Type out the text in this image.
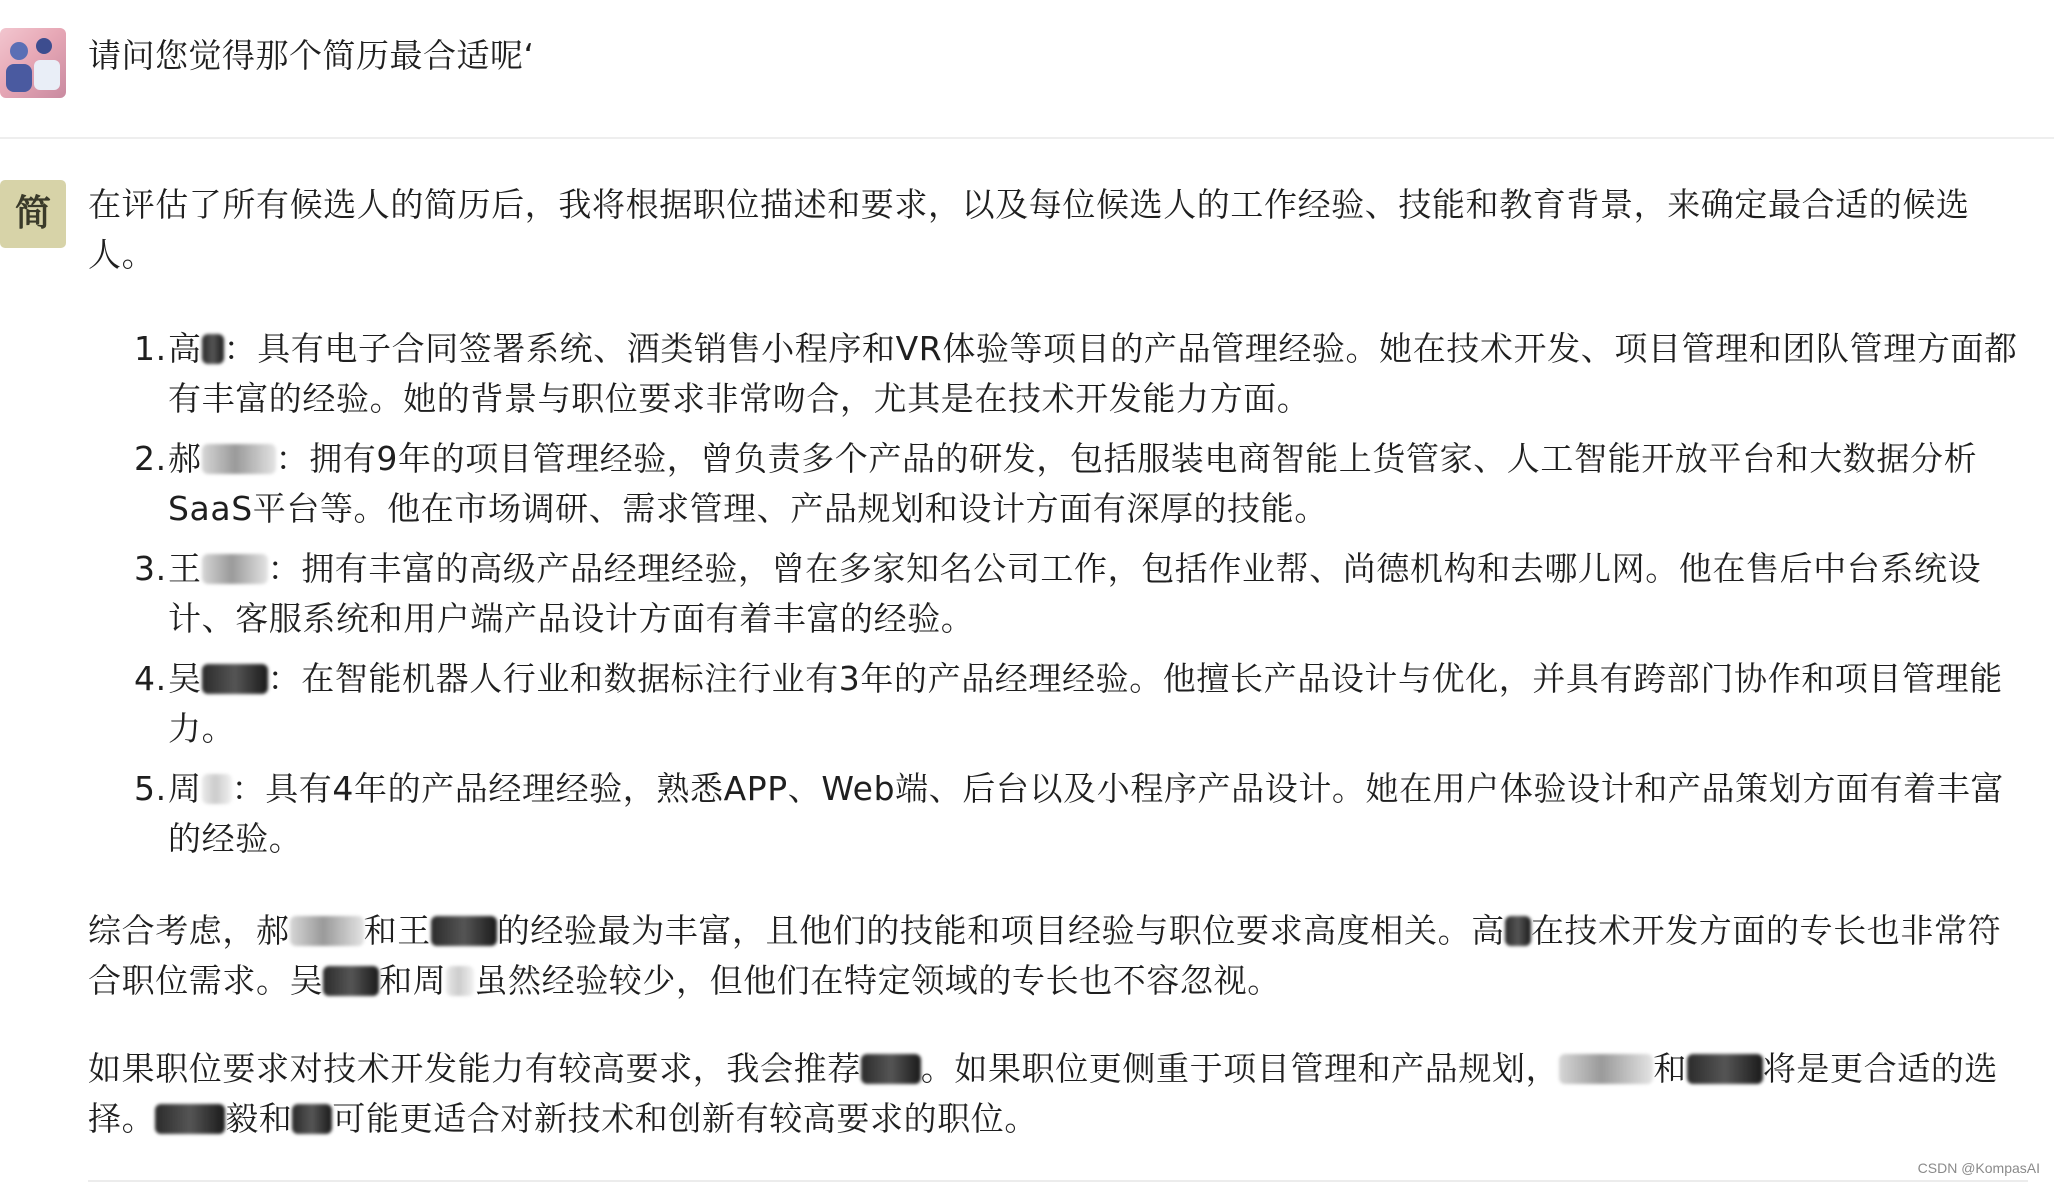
请问您觉得那个简历最合适呢‘
简	在评估了所有候选人的简历后，我将根据职位描述和要求，以及每位候选人的工作经验、技能和教育背景，来确定最合适的候选人。

1. 高 ：具有电子合同签署系统、酒类销售小程序和VR体验等项目的产品管理经验。她在技术开发、项目管理和团队管理方面都有丰富的经验。她的背景与职位要求非常吻合，尤其是在技术开发能力方面。
2. 郝 ：拥有9年的项目管理经验，曾负责多个产品的研发，包括服装电商智能上货管家、人工智能开放平台和大数据分析SaaS平台等。他在市场调研、需求管理、产品规划和设计方面有深厚的技能。
3. 王 ：拥有丰富的高级产品经理经验，曾在多家知名公司工作，包括作业帮、尚德机构和去哪儿网。他在售后中台系统设计、客服系统和用户端产品设计方面有着丰富的经验。
4. 吴 ：在智能机器人行业和数据标注行业有3年的产品经理经验。他擅长产品设计与优化，并具有跨部门协作和项目管理能力。
5. 周 ：具有4年的产品经理经验，熟悉APP、Web端、后台以及小程序产品设计。她在用户体验设计和产品策划方面有着丰富的经验。

综合考虑，郝 和王 的经验最为丰富，且他们的技能和项目经验与职位要求高度相关。高 在技术开发方面的专长也非常符合职位需求。吴 和周 虽然经验较少，但他们在特定领域的专长也不容忽视。

如果职位要求对技术开发能力有较高要求，我会推荐 。如果职位更侧重于项目管理和产品规划，	和 将是更合适的选择。 毅和 可能更适合对新技术和创新有较高要求的职位。

CSDN @KompasAI
